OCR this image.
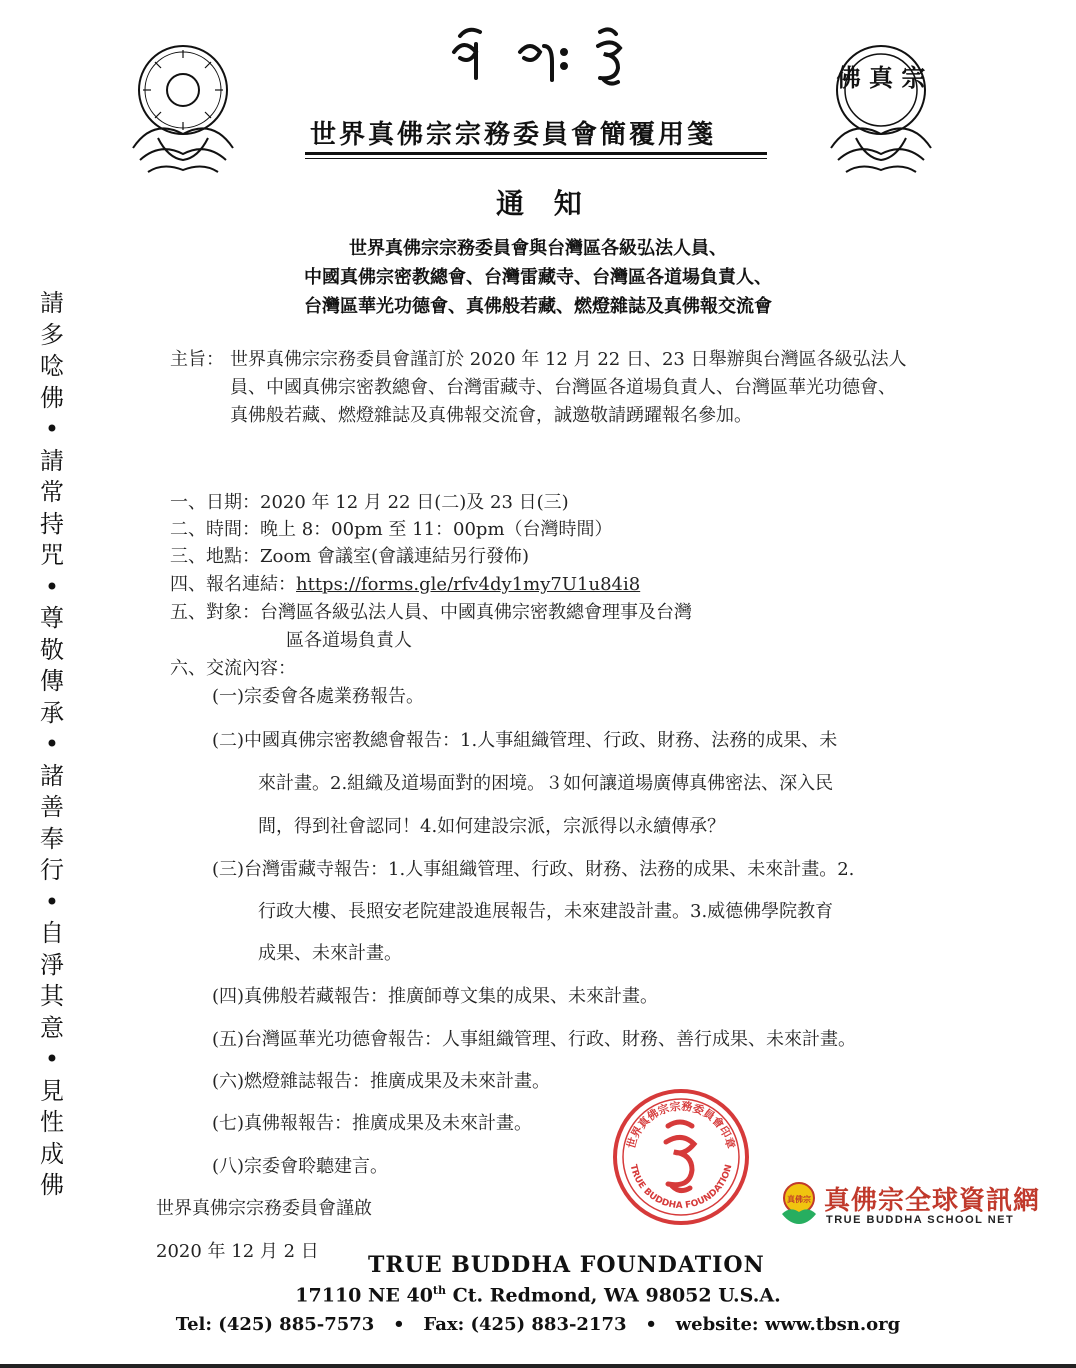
佛 真 宗
世界真佛宗宗務委員會簡覆用箋
通 知
世界真佛宗宗務委員會與台灣區各級弘法人員、
中國真佛宗密教總會、台灣雷藏寺、台灣區各道場負責人、
台灣區華光功德會、真佛般若藏、燃燈雜誌及真佛報交流會
請
多
唸
佛
•
請
常
持
咒
•
尊
敬
傳
承
•
諸
善
奉
行
•
自
淨
其
意
•
見
性
成
佛
主旨： 世界真佛宗宗務委員會謹訂於 2020 年 12 月 22 日、23 日舉辦與台灣區各級弘法人員、中國真佛宗密教總會、台灣雷藏寺、台灣區各道場負責人、台灣區華光功德會、真佛般若藏、燃燈雜誌及真佛報交流會，誠邀敬請踴躍報名參加。
一、日期：2020 年 12 月 22 日(二)及 23 日(三)
二、時間：晚上 8：00pm 至 11：00pm（台灣時間）
三、地點：Zoom 會議室(會議連結另行發佈)
四、報名連結：https://forms.gle/rfv4dy1my7U1u84i8
五、對象：台灣區各級弘法人員、中國真佛宗密教總會理事及台灣
區各道場負責人
六、交流內容：
(一)宗委會各處業務報告。
(二)中國真佛宗密教總會報告：1.人事組織管理、行政、財務、法務的成果、未
來計畫。2.組織及道場面對的困境。３如何讓道場廣傳真佛密法、深入民
間，得到社會認同！4.如何建設宗派，宗派得以永續傳承？
(三)台灣雷藏寺報告：1.人事組織管理、行政、財務、法務的成果、未來計畫。2.
行政大樓、長照安老院建設進展報告，未來建設計畫。3.威德佛學院教育
成果、未來計畫。
(四)真佛般若藏報告：推廣師尊文集的成果、未來計畫。
(五)台灣區華光功德會報告：人事組織管理、行政、財務、善行成果、未來計畫。
(六)燃燈雜誌報告：推廣成果及未來計畫。
(七)真佛報報告：推廣成果及未來計畫。
(八)宗委會聆聽建言。
世界真佛宗宗務委員會謹啟
2020 年 12 月 2 日
世界真佛宗宗務委員會印章
TRUE BUDDHA FOUNDATION
真佛宗 真佛宗全球資訊網
TRUE BUDDHA SCHOOL NET
TRUE BUDDHA FOUNDATION
17110 NE 40th Ct. Redmond, WA 98052 U.S.A.
Tel: (425) 885-7573   •   Fax: (425) 883-2173   •   website: www.tbsn.org
